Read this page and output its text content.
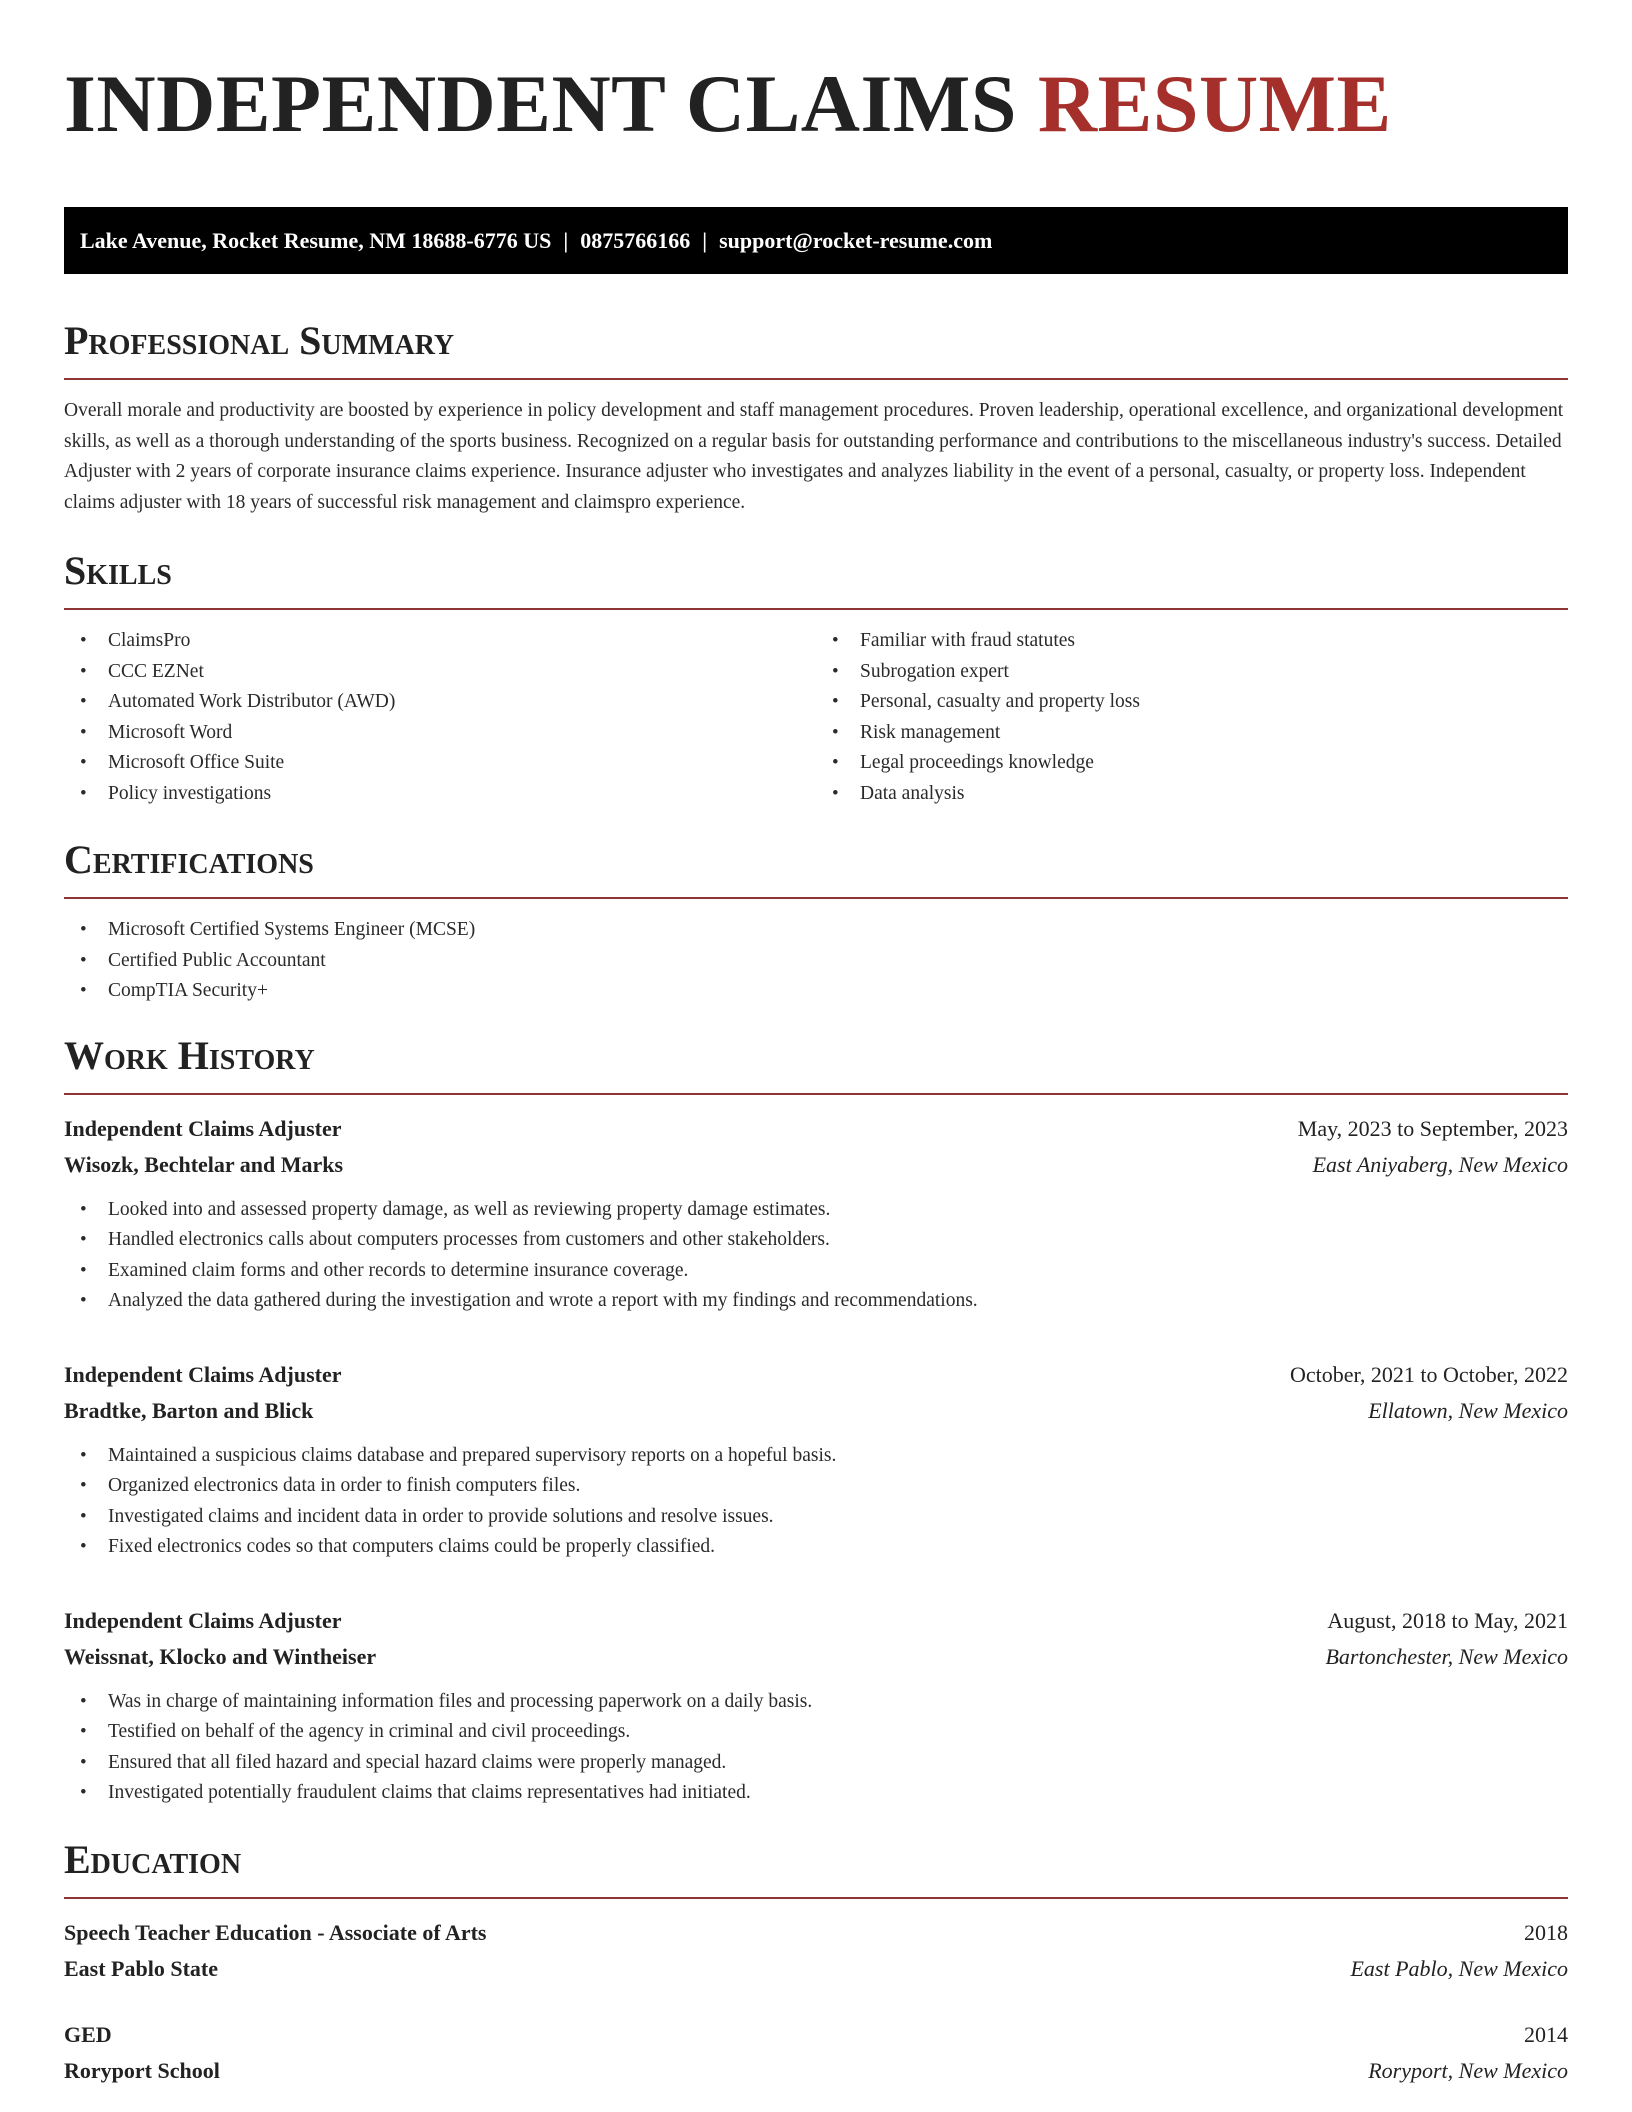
INDEPENDENT CLAIMS RESUME
Lake Avenue, Rocket Resume, NM 18688-6776 US | 0875766166 | support@rocket-resume.com
Professional Summary

Overall morale and productivity are boosted by experience in policy development and staff management procedures. Proven leadership, operational excellence, and organizational development skills, as well as a thorough understanding of the sports business. Recognized on a regular basis for outstanding performance and contributions to the miscellaneous industry's success. Detailed Adjuster with 2 years of corporate insurance claims experience. Insurance adjuster who investigates and analyzes liability in the event of a personal, casualty, or property loss. Independent claims adjuster with 18 years of successful risk management and claimspro experience.

Skills
• ClaimsPro
• CCC EZNet
• Automated Work Distributor (AWD)
• Microsoft Word
• Microsoft Office Suite
• Policy investigations
• Familiar with fraud statutes
• Subrogation expert
• Personal, casualty and property loss
• Risk management
• Legal proceedings knowledge
• Data analysis
Certifications
• Microsoft Certified Systems Engineer (MCSE)
• Certified Public Accountant
• CompTIA Security+
Work History
Independent Claims Adjuster	May, 2023 to September, 2023
Wisozk, Bechtelar and Marks	East Aniyaberg, New Mexico
• Looked into and assessed property damage, as well as reviewing property damage estimates.
• Handled electronics calls about computers processes from customers and other stakeholders.
• Examined claim forms and other records to determine insurance coverage.
• Analyzed the data gathered during the investigation and wrote a report with my findings and recommendations.
Independent Claims Adjuster	October, 2021 to October, 2022
Bradtke, Barton and Blick	Ellatown, New Mexico
• Maintained a suspicious claims database and prepared supervisory reports on a hopeful basis.
• Organized electronics data in order to finish computers files.
• Investigated claims and incident data in order to provide solutions and resolve issues.
• Fixed electronics codes so that computers claims could be properly classified.
Independent Claims Adjuster	August, 2018 to May, 2021
Weissnat, Klocko and Wintheiser	Bartonchester, New Mexico
• Was in charge of maintaining information files and processing paperwork on a daily basis.
• Testified on behalf of the agency in criminal and civil proceedings.
• Ensured that all filed hazard and special hazard claims were properly managed.
• Investigated potentially fraudulent claims that claims representatives had initiated.
Education
Speech Teacher Education - Associate of Arts	2018
East Pablo State	East Pablo, New Mexico
GED	2014
Roryport School	Roryport, New Mexico
